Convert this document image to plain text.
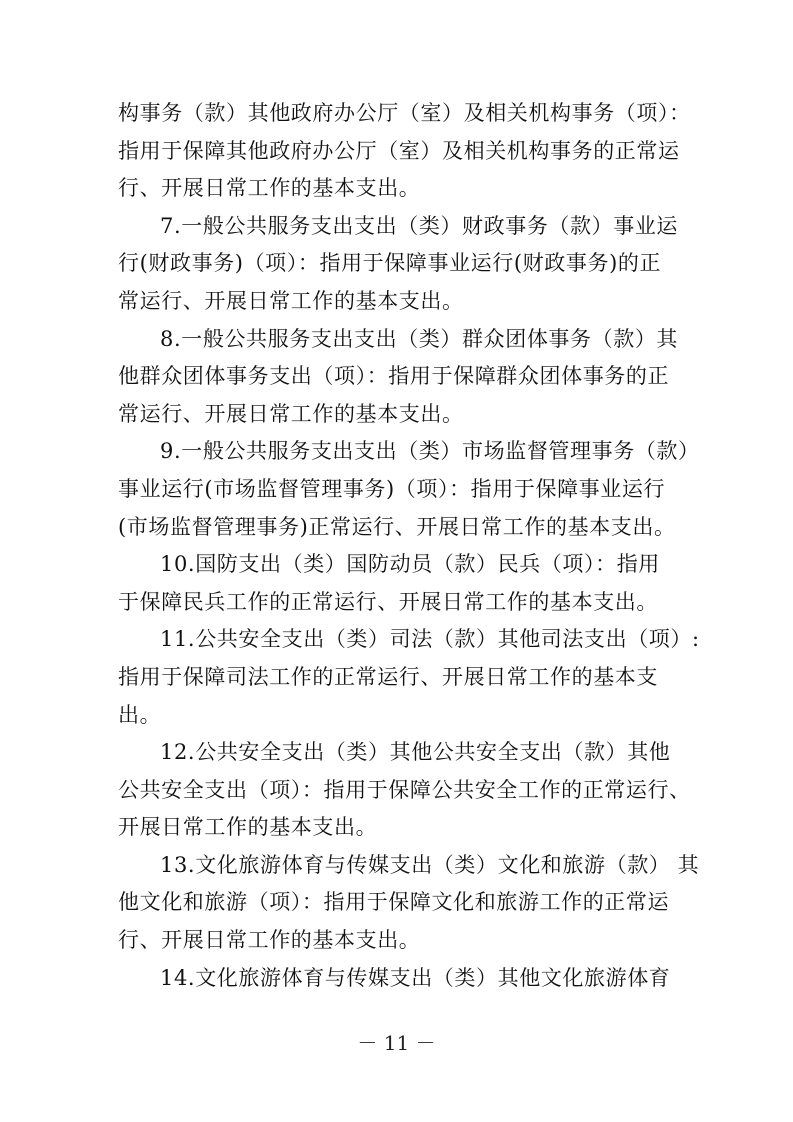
构事务（款）其他政府办公厅（室）及相关机构事务（项）：
指用于保障其他政府办公厅（室）及相关机构事务的正常运
行、开展日常工作的基本支出。
7.一般公共服务支出支出（类）财政事务（款）事业运
行(财政事务)（项）：指用于保障事业运行(财政事务)的正
常运行、开展日常工作的基本支出。
8.一般公共服务支出支出（类）群众团体事务（款）其
他群众团体事务支出（项）：指用于保障群众团体事务的正
常运行、开展日常工作的基本支出。
9.一般公共服务支出支出（类）市场监督管理事务（款）
事业运行(市场监督管理事务)（项）：指用于保障事业运行
(市场监督管理事务)正常运行、开展日常工作的基本支出。
10.国防支出（类）国防动员（款）民兵（项）：指用
于保障民兵工作的正常运行、开展日常工作的基本支出。
11.公共安全支出（类）司法（款）其他司法支出（项）:
指用于保障司法工作的正常运行、开展日常工作的基本支
出。
12.公共安全支出（类）其他公共安全支出（款）其他
公共安全支出（项）：指用于保障公共安全工作的正常运行、
开展日常工作的基本支出。
13.文化旅游体育与传媒支出（类）文化和旅游（款） 其
他文化和旅游（项）：指用于保障文化和旅游工作的正常运
行、开展日常工作的基本支出。
14.文化旅游体育与传媒支出（类）其他文化旅游体育
－ 11 －
